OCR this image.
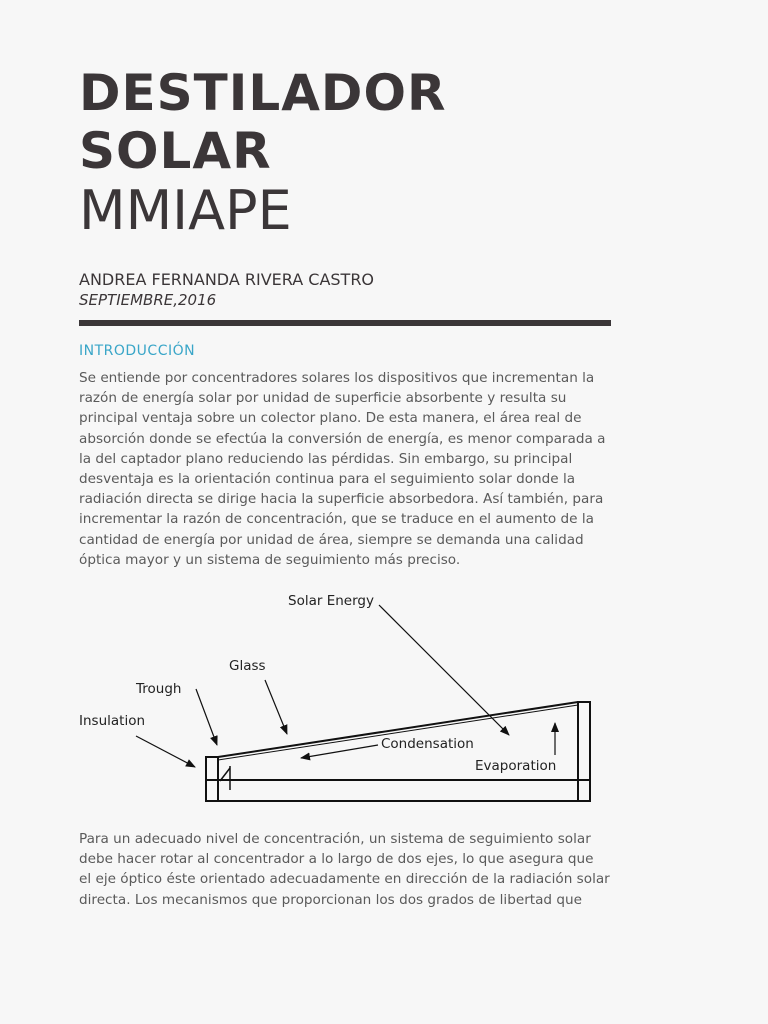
DESTILADOR
SOLAR
MMIAPE
ANDREA FERNANDA RIVERA CASTRO
SEPTIEMBRE,2016
INTRODUCCIÓN
Se entiende por concentradores solares los dispositivos que incrementan la
razón de energía solar por unidad de superficie absorbente y resulta su
principal ventaja sobre un colector plano. De esta manera, el área real de
absorción donde se efectúa la conversión de energía, es menor comparada a
la del captador plano reduciendo las pérdidas. Sin embargo, su principal
desventaja es la orientación continua para el seguimiento solar donde la
radiación directa se dirige hacia la superficie absorbedora. Así también, para
incrementar la razón de concentración, que se traduce en el aumento de la
cantidad de energía por unidad de área, siempre se demanda una calidad
óptica mayor y un sistema de seguimiento más preciso.
Solar Energy
Glass
Trough
Insulation
Condensation
Evaporation
Para un adecuado nivel de concentración, un sistema de seguimiento solar
debe hacer rotar al concentrador a lo largo de dos ejes, lo que asegura que
el eje óptico éste orientado adecuadamente en dirección de la radiación solar
directa. Los mecanismos que proporcionan los dos grados de libertad que
